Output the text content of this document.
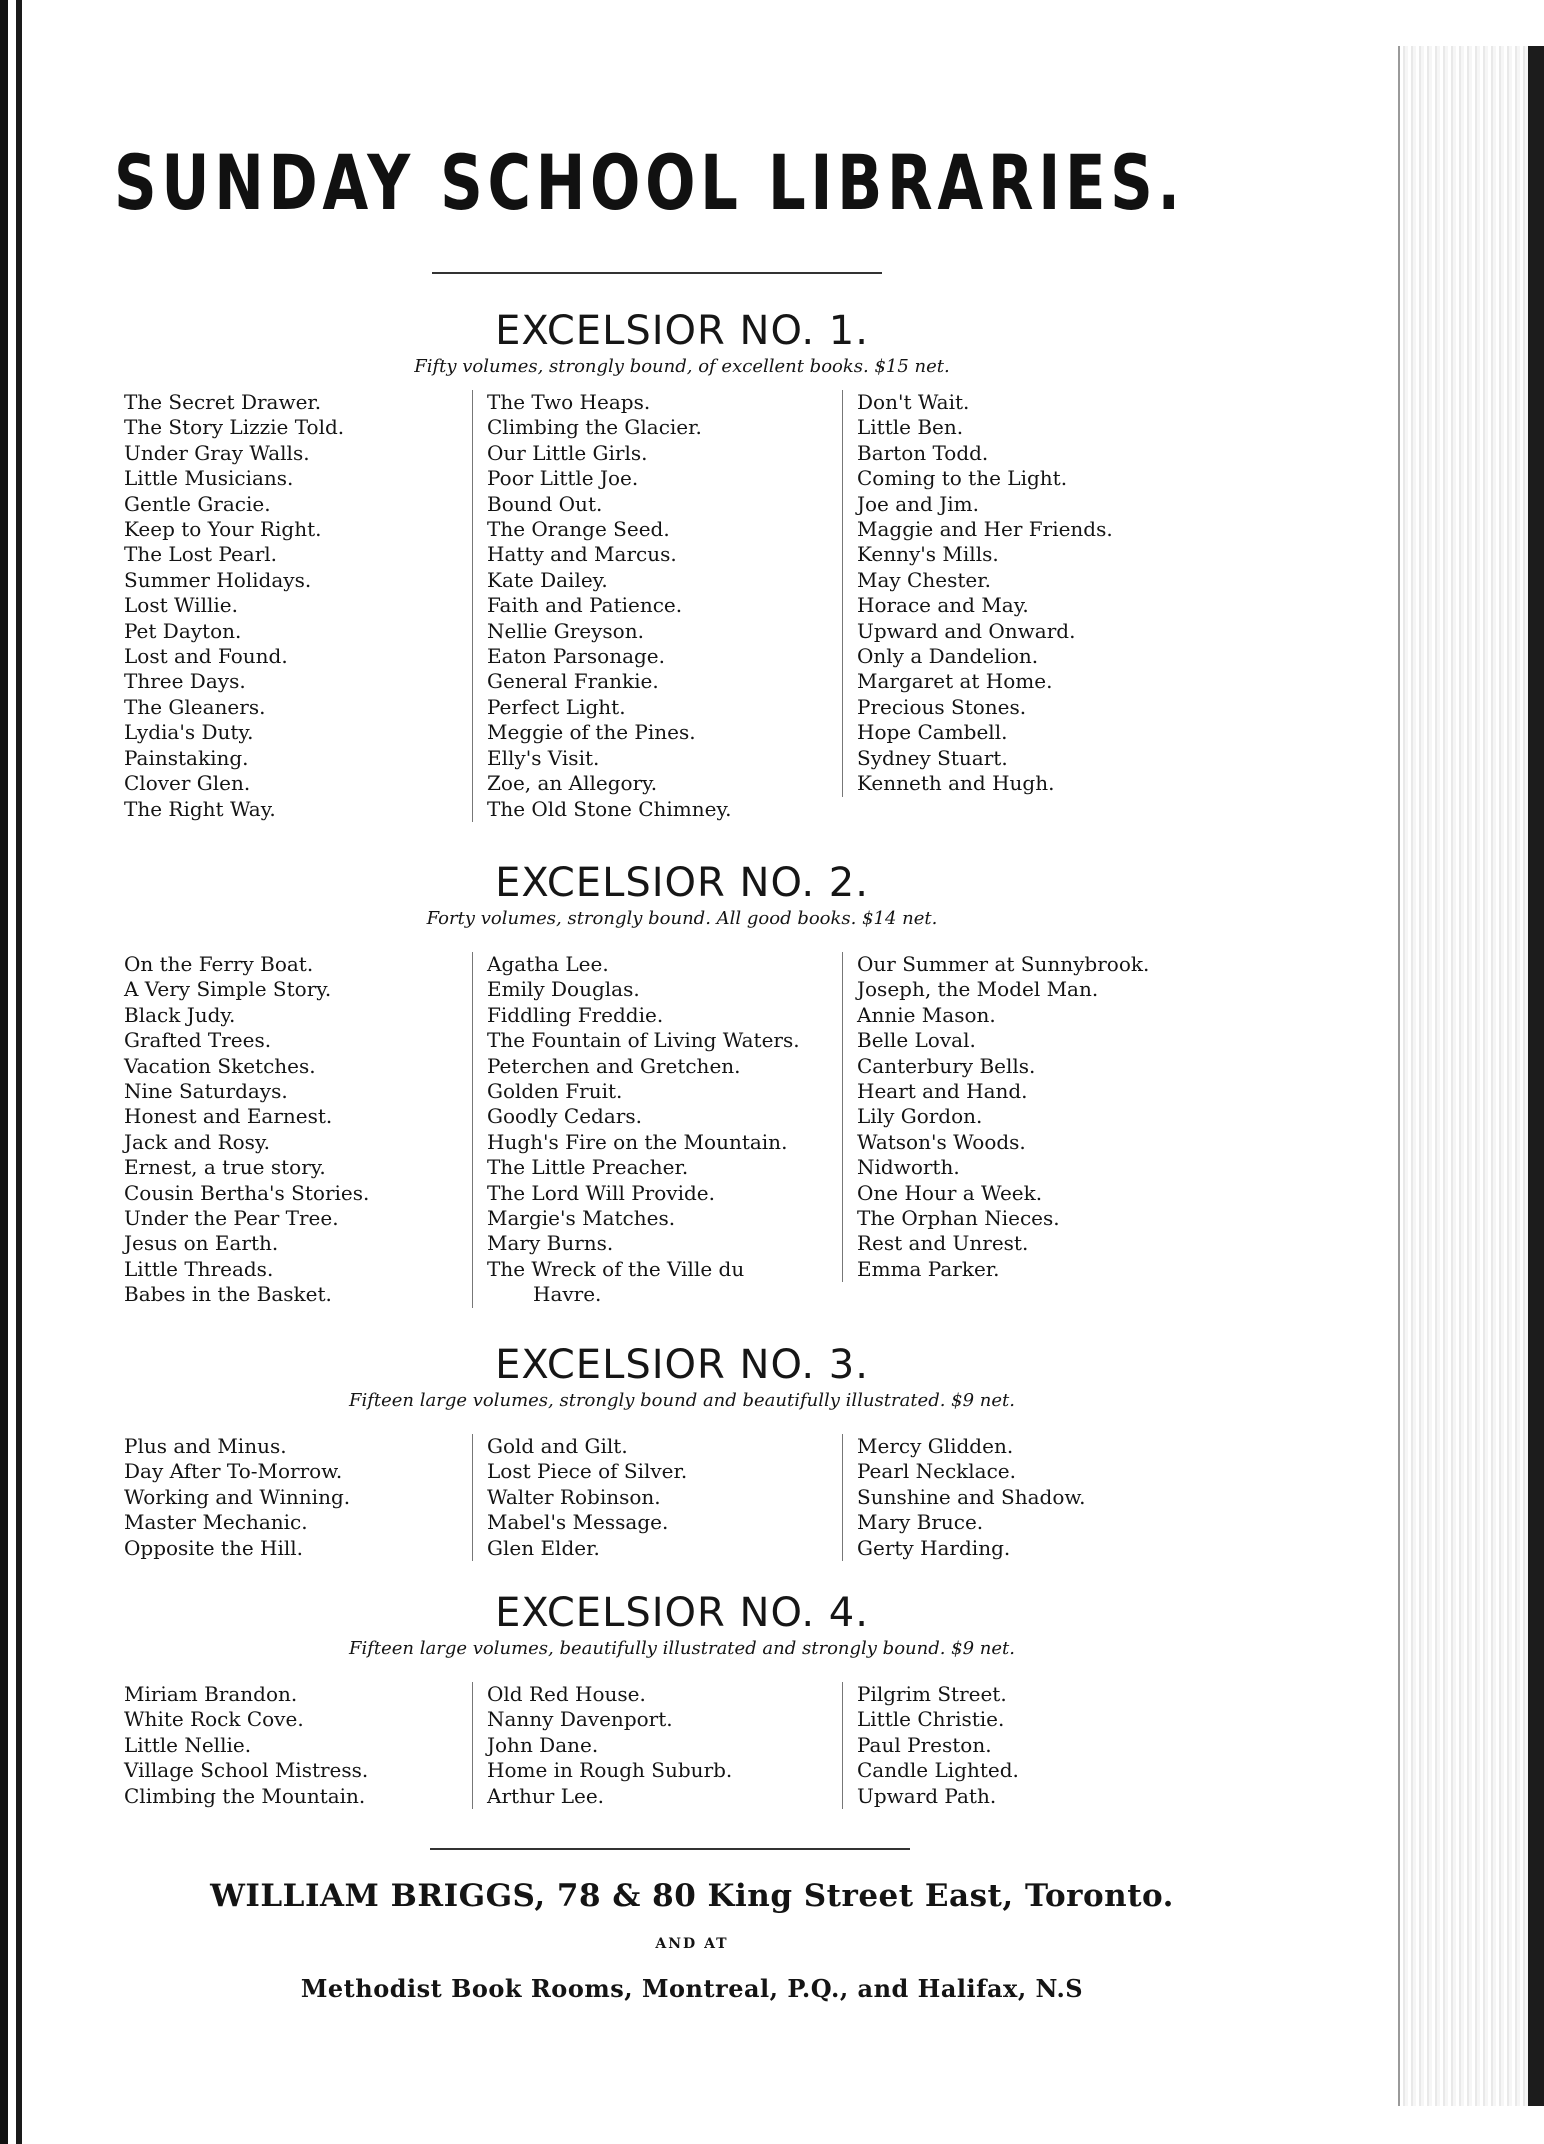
SUNDAY SCHOOL LIBRARIES.
EXCELSIOR NO. 1.
Fifty volumes, strongly bound, of excellent books. $15 net.
The Secret Drawer.
The Story Lizzie Told.
Under Gray Walls.
Little Musicians.
Gentle Gracie.
Keep to Your Right.
The Lost Pearl.
Summer Holidays.
Lost Willie.
Pet Dayton.
Lost and Found.
Three Days.
The Gleaners.
Lydia's Duty.
Painstaking.
Clover Glen.
The Right Way.
The Two Heaps.
Climbing the Glacier.
Our Little Girls.
Poor Little Joe.
Bound Out.
The Orange Seed.
Hatty and Marcus.
Kate Dailey.
Faith and Patience.
Nellie Greyson.
Eaton Parsonage.
General Frankie.
Perfect Light.
Meggie of the Pines.
Elly's Visit.
Zoe, an Allegory.
The Old Stone Chimney.
Don't Wait.
Little Ben.
Barton Todd.
Coming to the Light.
Joe and Jim.
Maggie and Her Friends.
Kenny's Mills.
May Chester.
Horace and May.
Upward and Onward.
Only a Dandelion.
Margaret at Home.
Precious Stones.
Hope Cambell.
Sydney Stuart.
Kenneth and Hugh.
EXCELSIOR NO. 2.
Forty volumes, strongly bound. All good books. $14 net.
On the Ferry Boat.
A Very Simple Story.
Black Judy.
Grafted Trees.
Vacation Sketches.
Nine Saturdays.
Honest and Earnest.
Jack and Rosy.
Ernest, a true story.
Cousin Bertha's Stories.
Under the Pear Tree.
Jesus on Earth.
Little Threads.
Babes in the Basket.
Agatha Lee.
Emily Douglas.
Fiddling Freddie.
The Fountain of Living Waters.
Peterchen and Gretchen.
Golden Fruit.
Goodly Cedars.
Hugh's Fire on the Mountain.
The Little Preacher.
The Lord Will Provide.
Margie's Matches.
Mary Burns.
The Wreck of the Ville du
Havre.
Our Summer at Sunnybrook.
Joseph, the Model Man.
Annie Mason.
Belle Loval.
Canterbury Bells.
Heart and Hand.
Lily Gordon.
Watson's Woods.
Nidworth.
One Hour a Week.
The Orphan Nieces.
Rest and Unrest.
Emma Parker.
EXCELSIOR NO. 3.
Fifteen large volumes, strongly bound and beautifully illustrated. $9 net.
Plus and Minus.
Day After To-Morrow.
Working and Winning.
Master Mechanic.
Opposite the Hill.
Gold and Gilt.
Lost Piece of Silver.
Walter Robinson.
Mabel's Message.
Glen Elder.
Mercy Glidden.
Pearl Necklace.
Sunshine and Shadow.
Mary Bruce.
Gerty Harding.
EXCELSIOR NO. 4.
Fifteen large volumes, beautifully illustrated and strongly bound. $9 net.
Miriam Brandon.
White Rock Cove.
Little Nellie.
Village School Mistress.
Climbing the Mountain.
Old Red House.
Nanny Davenport.
John Dane.
Home in Rough Suburb.
Arthur Lee.
Pilgrim Street.
Little Christie.
Paul Preston.
Candle Lighted.
Upward Path.
WILLIAM BRIGGS, 78 & 80 King Street East, Toronto.
AND AT
Methodist Book Rooms, Montreal, P.Q., and Halifax, N.S
